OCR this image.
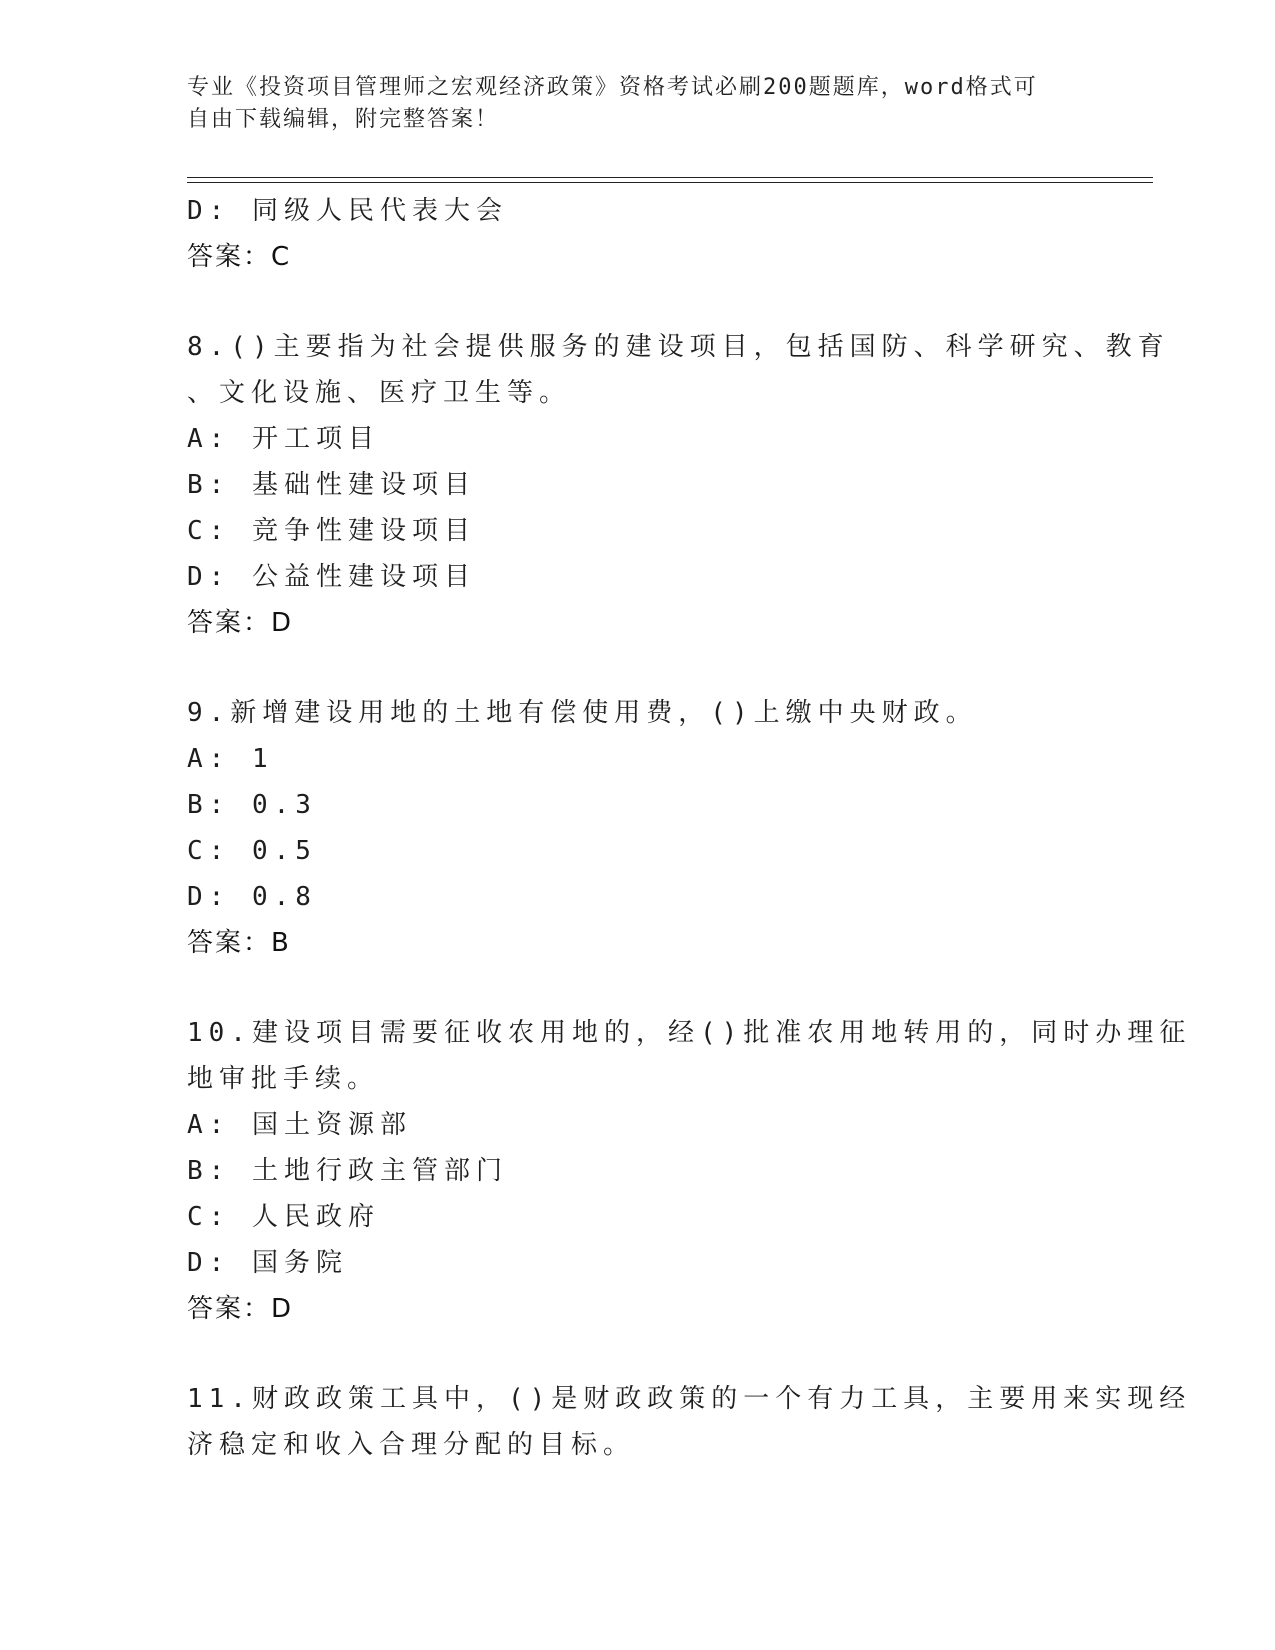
专业《投资项目管理师之宏观经济政策》资格考试必刷200题题库，word格式可
自由下载编辑，附完整答案！
D: 同级人民代表大会
答案：C
8.()主要指为社会提供服务的建设项目，包括国防、科学研究、教育
、文化设施、医疗卫生等。
A: 开工项目
B: 基础性建设项目
C: 竞争性建设项目
D: 公益性建设项目
答案：D
9.新增建设用地的土地有偿使用费，()上缴中央财政。
A: 1
B: 0.3
C: 0.5
D: 0.8
答案：B
10.建设项目需要征收农用地的，经()批准农用地转用的，同时办理征
地审批手续。
A: 国土资源部
B: 土地行政主管部门
C: 人民政府
D: 国务院
答案：D
11.财政政策工具中，()是财政政策的一个有力工具，主要用来实现经
济稳定和收入合理分配的目标。
